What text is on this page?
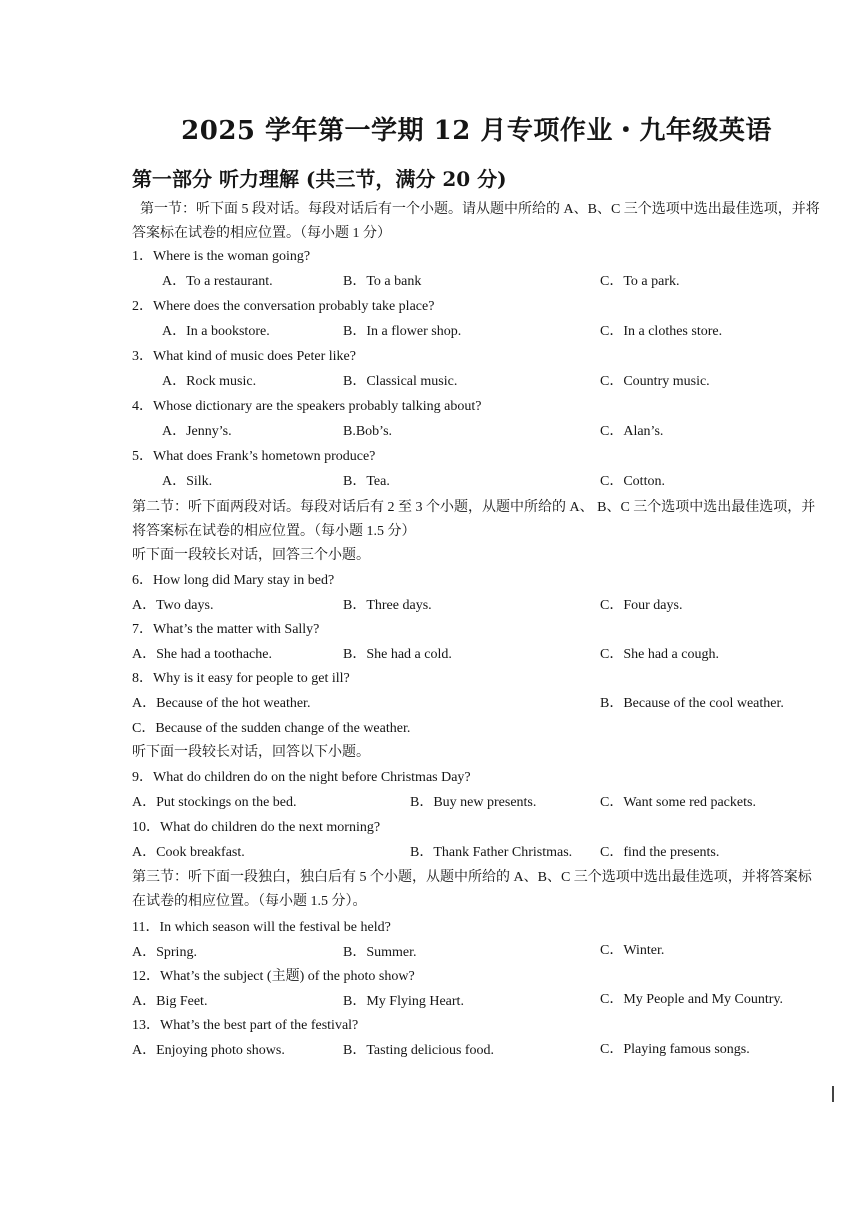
2025 学年第一学期 12 月专项作业・九年级英语
第一部分 听力理解 (共三节，满分 20 分)
第一节：听下面 5 段对话。每段对话后有一个小题。请从题中所给的 A、B、C 三个选项中选出最佳选项，并将答案标在试卷的相应位置。（每小题 1 分）
1．Where is the woman going?
A．To a restaurant.	B．To a bank	C．To a park.
2．Where does the conversation probably take place?
A．In a bookstore.	B．In a flower shop.	C．In a clothes store.
3．What kind of music does Peter like?
A．Rock music.	B．Classical music.	C．Country music.
4．Whose dictionary are the speakers probably talking about?
A．Jenny’s.	B.Bob’s.	C．Alan’s.
5．What does Frank’s hometown produce?
A．Silk.	B．Tea.	C．Cotton.
第二节：听下面两段对话。每段对话后有 2 至 3 个小题，从题中所给的 A、 B、C 三个选项中选出最佳选项，并将答案标在试卷的相应位置。（每小题 1.5 分）
听下面一段较长对话，回答三个小题。
6．How long did Mary stay in bed?
A．Two days.	B．Three days.	C．Four days.
7．What’s the matter with Sally?
A．She had a toothache.	B．She had a cold.	C．She had a cough.
8．Why is it easy for people to get ill?
A．Because of the hot weather.	B．Because of the cool weather.
C．Because of the sudden change of the weather.
听下面一段较长对话，回答以下小题。
9．What do children do on the night before Christmas Day?
A．Put stockings on the bed.	B．Buy new presents.	C．Want some red packets.
10．What do children do the next morning?
A．Cook breakfast.	B．Thank Father Christmas. C．find the presents.
第三节：听下面一段独白，独白后有 5 个小题，从题中所给的 A、B、C 三个选项中选出最佳选项，并将答案标在试卷的相应位置。（每小题 1.5 分）。
11．In which season will the festival be held?
A．Spring.	B．Summer.	C．Winter.
12．What’s the subject (主题) of the photo show?
A．Big Feet.	B．My Flying Heart.	C．My People and My Country.
13．What’s the best part of the festival?
A．Enjoying photo shows.	B．Tasting delicious food.	C．Playing famous songs.
